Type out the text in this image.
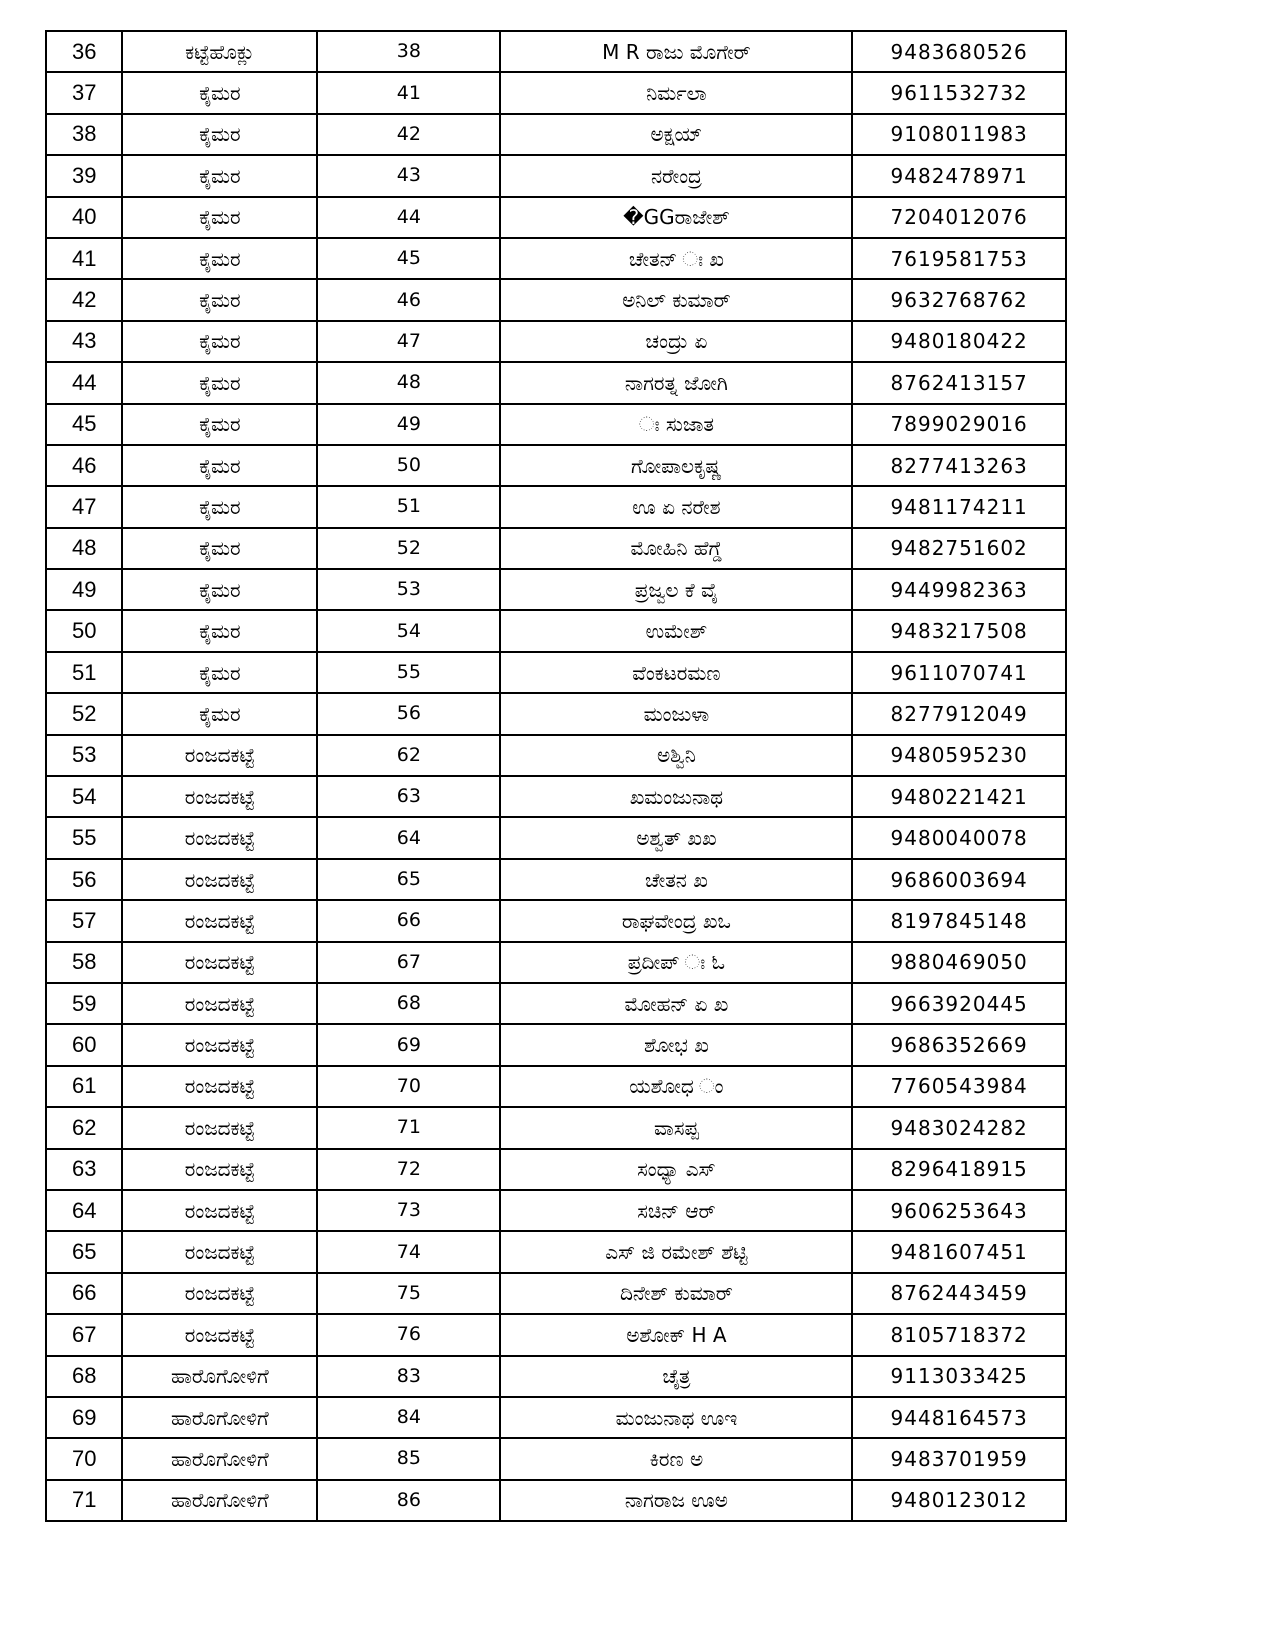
36	ಕಟ್ಟೆಹೊಕ್ಲು	38	M R ರಾಜು ಮೊಗೇರ್	9483680526
37	ಕೈಮರ	41	ನಿರ್ಮಲಾ	9611532732
38	ಕೈಮರ	42	ಅಕ್ಷಯ್	9108011983
39	ಕೈಮರ	43	ನರೇಂದ್ರ	9482478971
40	ಕೈಮರ	44	�GGರಾಜೇಶ್	7204012076
41	ಕೈಮರ	45	ಚೇತನ್ ಃ ಖ	7619581753
42	ಕೈಮರ	46	ಅನಿಲ್ ಕುಮಾರ್	9632768762
43	ಕೈಮರ	47	ಚಂದ್ರು ಏ	9480180422
44	ಕೈಮರ	48	ನಾಗರತ್ನ ಜೋಗಿ	8762413157
45	ಕೈಮರ	49	ಃ ಸುಜಾತ	7899029016
46	ಕೈಮರ	50	ಗೋಪಾಲಕೃಷ್ಣ	8277413263
47	ಕೈಮರ	51	ಊ ಏ ನರೇಶ	9481174211
48	ಕೈಮರ	52	ಮೋಹಿನಿ ಹೆಗ್ಡೆ	9482751602
49	ಕೈಮರ	53	ಪ್ರಜ್ವಲ ಕೆ ವೈ	9449982363
50	ಕೈಮರ	54	ಉಮೇಶ್	9483217508
51	ಕೈಮರ	55	ವೆಂಕಟರಮಣ	9611070741
52	ಕೈಮರ	56	ಮಂಜುಳಾ	8277912049
53	ರಂಜದಕಟ್ಟೆ	62	ಅಶ್ವಿನಿ	9480595230
54	ರಂಜದಕಟ್ಟೆ	63	ಖಮಂಜುನಾಥ	9480221421
55	ರಂಜದಕಟ್ಟೆ	64	ಅಶ್ವತ್ ಖಖ	9480040078
56	ರಂಜದಕಟ್ಟೆ	65	ಚೇತನ ಖ	9686003694
57	ರಂಜದಕಟ್ಟೆ	66	ರಾಘವೇಂದ್ರ ಖಒ	8197845148
58	ರಂಜದಕಟ್ಟೆ	67	ಪ್ರದೀಪ್ ಃ ಓ	9880469050
59	ರಂಜದಕಟ್ಟೆ	68	ಮೋಹನ್ ಏ ಖ	9663920445
60	ರಂಜದಕಟ್ಟೆ	69	ಶೋಭ ಖ	9686352669
61	ರಂಜದಕಟ್ಟೆ	70	ಯಶೋಧ ಂ	7760543984
62	ರಂಜದಕಟ್ಟೆ	71	ವಾಸಪ್ಪ	9483024282
63	ರಂಜದಕಟ್ಟೆ	72	ಸಂಧ್ಯಾ ಎಸ್	8296418915
64	ರಂಜದಕಟ್ಟೆ	73	ಸಚಿನ್ ಆರ್	9606253643
65	ರಂಜದಕಟ್ಟೆ	74	ಎಸ್ ಜಿ ರಮೇಶ್ ಶೆಟ್ಟಿ	9481607451
66	ರಂಜದಕಟ್ಟೆ	75	ದಿನೇಶ್ ಕುಮಾರ್	8762443459
67	ರಂಜದಕಟ್ಟೆ	76	ಅಶೋಕ್ H A	8105718372
68	ಹಾರೊಗೋಳಿಗೆ	83	ಚೈತ್ರ	9113033425
69	ಹಾರೊಗೋಳಿಗೆ	84	ಮಂಜುನಾಥ ಊಇ	9448164573
70	ಹಾರೊಗೋಳಿಗೆ	85	ಕಿರಣ ಅ	9483701959
71	ಹಾರೊಗೋಳಿಗೆ	86	ನಾಗರಾಜ ಊಅ	9480123012
